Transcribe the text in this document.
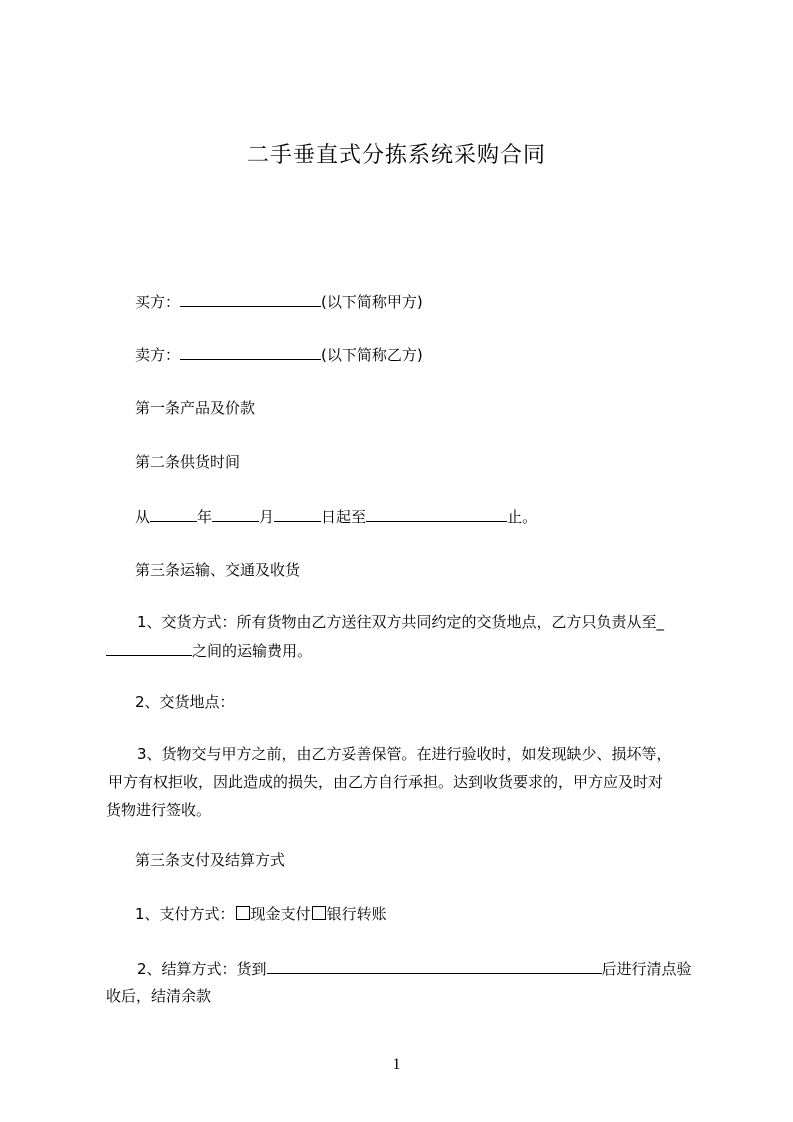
二手垂直式分拣系统采购合同
买方：	(以下简称甲方)
卖方：	(以下简称乙方)
第一条产品及价款
第二条供货时间
从	年	月	日起至	止。
第三条运输、交通及收货
1、交货方式：所有货物由乙方送往双方共同约定的交货地点，乙方只负责从至_
之间的运输费用。
2、交货地点：
3、货物交与甲方之前，由乙方妥善保管。在进行验收时，如发现缺少、损坏等，
甲方有权拒收，因此造成的损失，由乙方自行承担。达到收货要求的，甲方应及时对
货物进行签收。
第三条支付及结算方式
1、支付方式： 现金支付 银行转账
2、结算方式：货到	后进行清点验
收后，结清余款
1
